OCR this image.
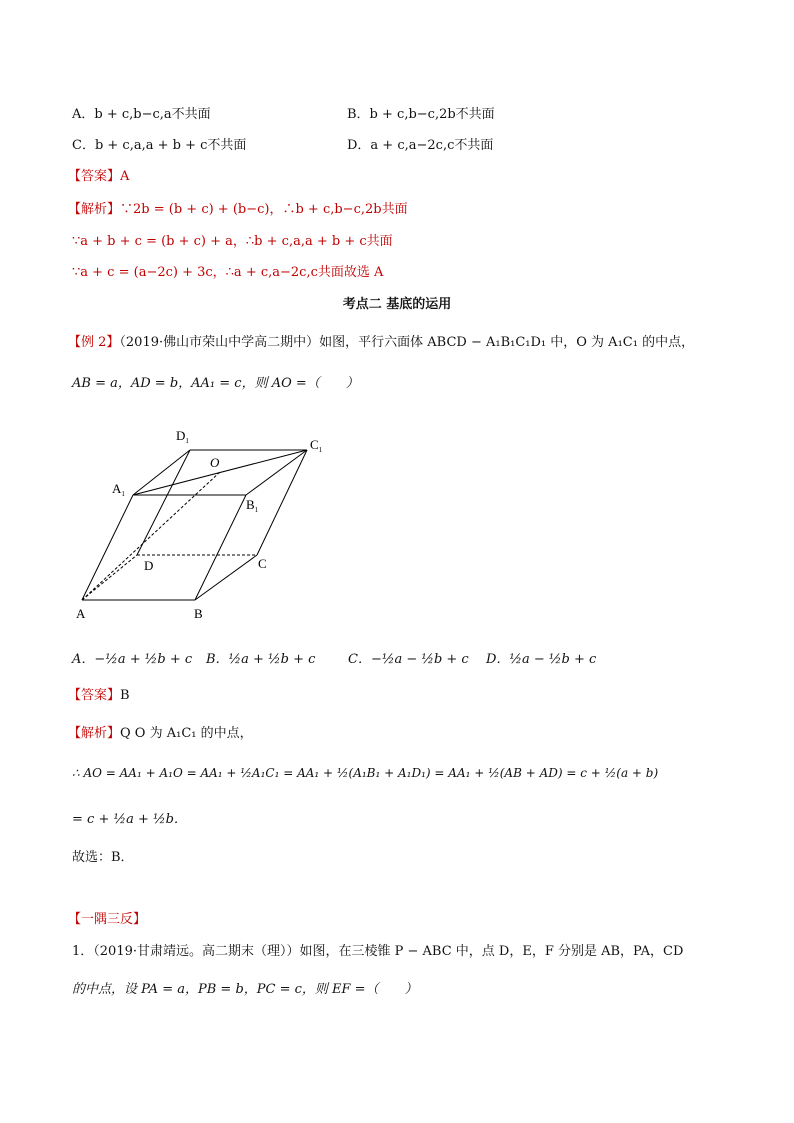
A．b + c,b−c,a不共面	B．b + c,b−c,2b不共面
C．b + c,a,a + b + c不共面	D．a + c,a−2c,c不共面
【答案】A
【解析】∵2b = (b + c) + (b−c)，∴b + c,b−c,2b共面
∵a + b + c = (b + c) + a，∴b + c,a,a + b + c共面
∵a + c = (a−2c) + 3c，∴a + c,a−2c,c共面故选 A
考点二 基底的运用
【例 2】（2019·佛山市荣山中学高二期中）如图，平行六面体 ABCD − A₁B₁C₁D₁ 中，O 为 A₁C₁ 的中点，
AB = a，AD = b，AA₁ = c，则 AO =（　　）
$D_1$	$C_1$
$A_1$
$B_1$
O
D	C
A	B
A．−½a + ½b + c B．½a + ½b + c	C．−½a − ½b + c D．½a − ½b + c
【答案】B
【解析】Q O 为 A₁C₁ 的中点，
∴ AO = AA₁ + A₁O = AA₁ + ½A₁C₁ = AA₁ + ½(A₁B₁ + A₁D₁) = AA₁ + ½(AB + AD) = c + ½(a + b)
= c + ½a + ½b．
故选：B．
【一隅三反】
1．（2019·甘肃靖远。高二期末（理））如图，在三棱锥 P − ABC 中，点 D，E，F 分别是 AB，PA，CD
的中点，设 PA = a，PB = b，PC = c，则 EF =（　　）
